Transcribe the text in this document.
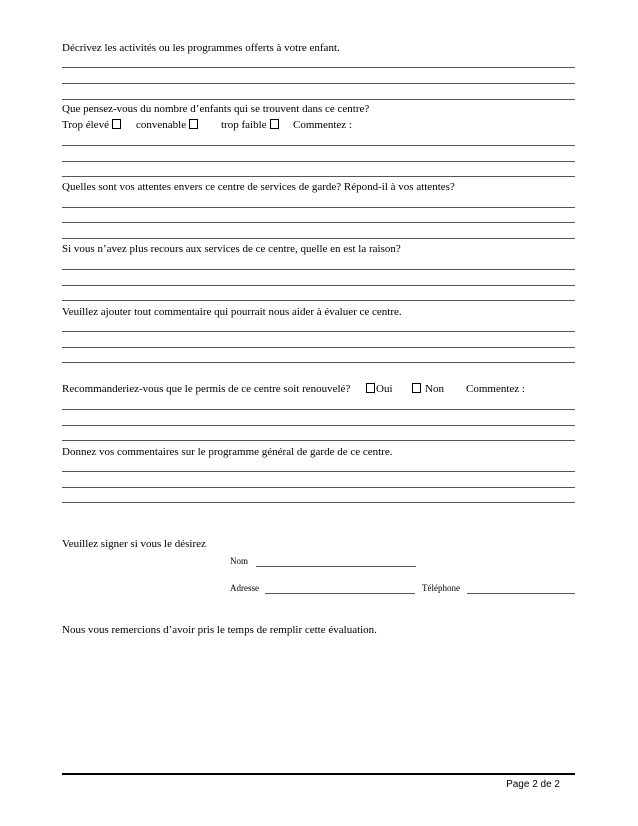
Décrivez les activités ou les programmes offerts à votre enfant.
Que pensez-vous du nombre d’enfants qui se trouvent dans ce centre?
Trop élevé	convenable	trop faible	Commentez :
Quelles sont vos attentes envers ce centre de services de garde? Répond-il à vos attentes?
Si vous n’avez plus recours aux services de ce centre, quelle en est la raison?
Veuillez ajouter tout commentaire qui pourrait nous aider à évaluer ce centre.
Recommanderiez-vous que le permis de ce centre soit renouvelé?	Oui	Non Commentez :
Donnez vos commentaires sur le programme général de garde de ce centre.
Veuillez signer si vous le désirez
Nom
Adresse	Téléphone
Nous vous remercions d’avoir pris le temps de remplir cette évaluation.
Page 2 de 2
